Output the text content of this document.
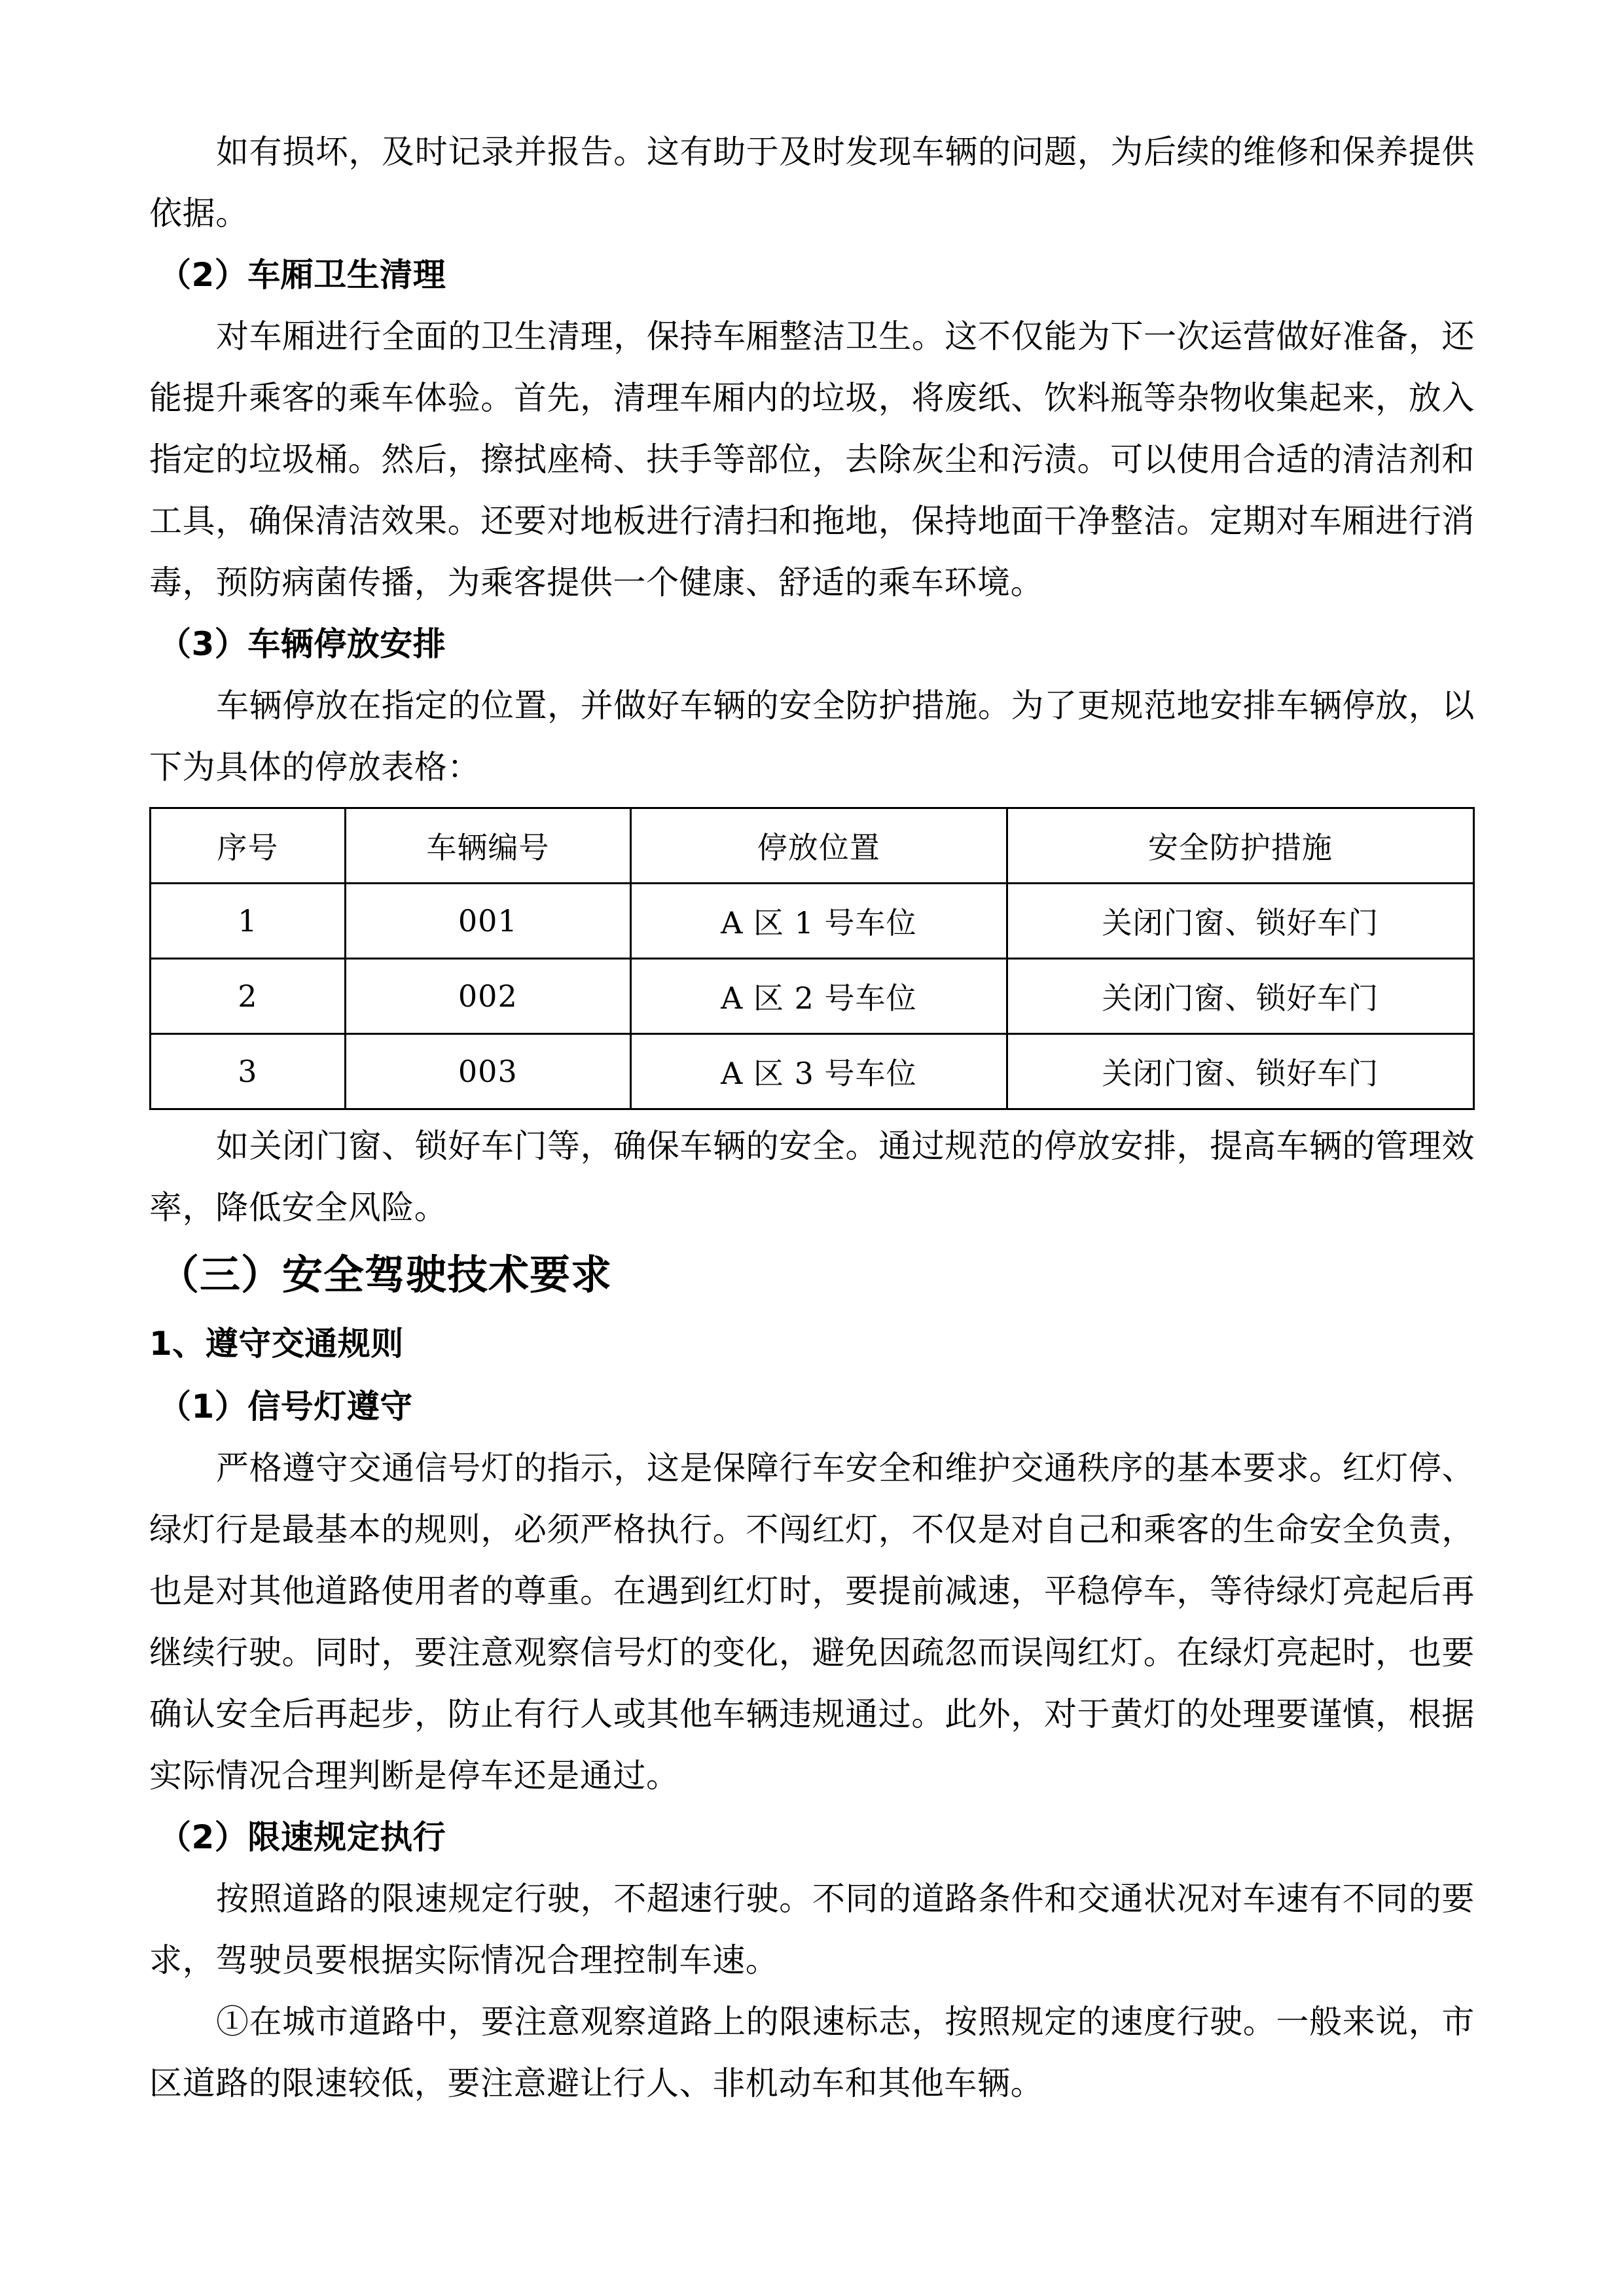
如有损坏，及时记录并报告。这有助于及时发现车辆的问题，为后续的维修和保养提供依据。

（2）车厢卫生清理

对车厢进行全面的卫生清理，保持车厢整洁卫生。这不仅能为下一次运营做好准备，还能提升乘客的乘车体验。首先，清理车厢内的垃圾，将废纸、饮料瓶等杂物收集起来，放入指定的垃圾桶。然后，擦拭座椅、扶手等部位，去除灰尘和污渍。可以使用合适的清洁剂和工具，确保清洁效果。还要对地板进行清扫和拖地，保持地面干净整洁。定期对车厢进行消毒，预防病菌传播，为乘客提供一个健康、舒适的乘车环境。

（3）车辆停放安排

车辆停放在指定的位置，并做好车辆的安全防护措施。为了更规范地安排车辆停放，以下为具体的停放表格：

序号	车辆编号	停放位置	安全防护措施
1	001	A 区 1 号车位	关闭门窗、锁好车门
2	002	A 区 2 号车位	关闭门窗、锁好车门
3	003	A 区 3 号车位	关闭门窗、锁好车门

如关闭门窗、锁好车门等，确保车辆的安全。通过规范的停放安排，提高车辆的管理效率，降低安全风险。

（三）安全驾驶技术要求
1、遵守交通规则
（1）信号灯遵守

严格遵守交通信号灯的指示，这是保障行车安全和维护交通秩序的基本要求。红灯停、绿灯行是最基本的规则，必须严格执行。不闯红灯，不仅是对自己和乘客的生命安全负责，也是对其他道路使用者的尊重。在遇到红灯时，要提前减速，平稳停车，等待绿灯亮起后再继续行驶。同时，要注意观察信号灯的变化，避免因疏忽而误闯红灯。在绿灯亮起时，也要确认安全后再起步，防止有行人或其他车辆违规通过。此外，对于黄灯的处理要谨慎，根据实际情况合理判断是停车还是通过。

（2）限速规定执行

按照道路的限速规定行驶，不超速行驶。不同的道路条件和交通状况对车速有不同的要求，驾驶员要根据实际情况合理控制车速。

①在城市道路中，要注意观察道路上的限速标志，按照规定的速度行驶。一般来说，市区道路的限速较低，要注意避让行人、非机动车和其他车辆。
